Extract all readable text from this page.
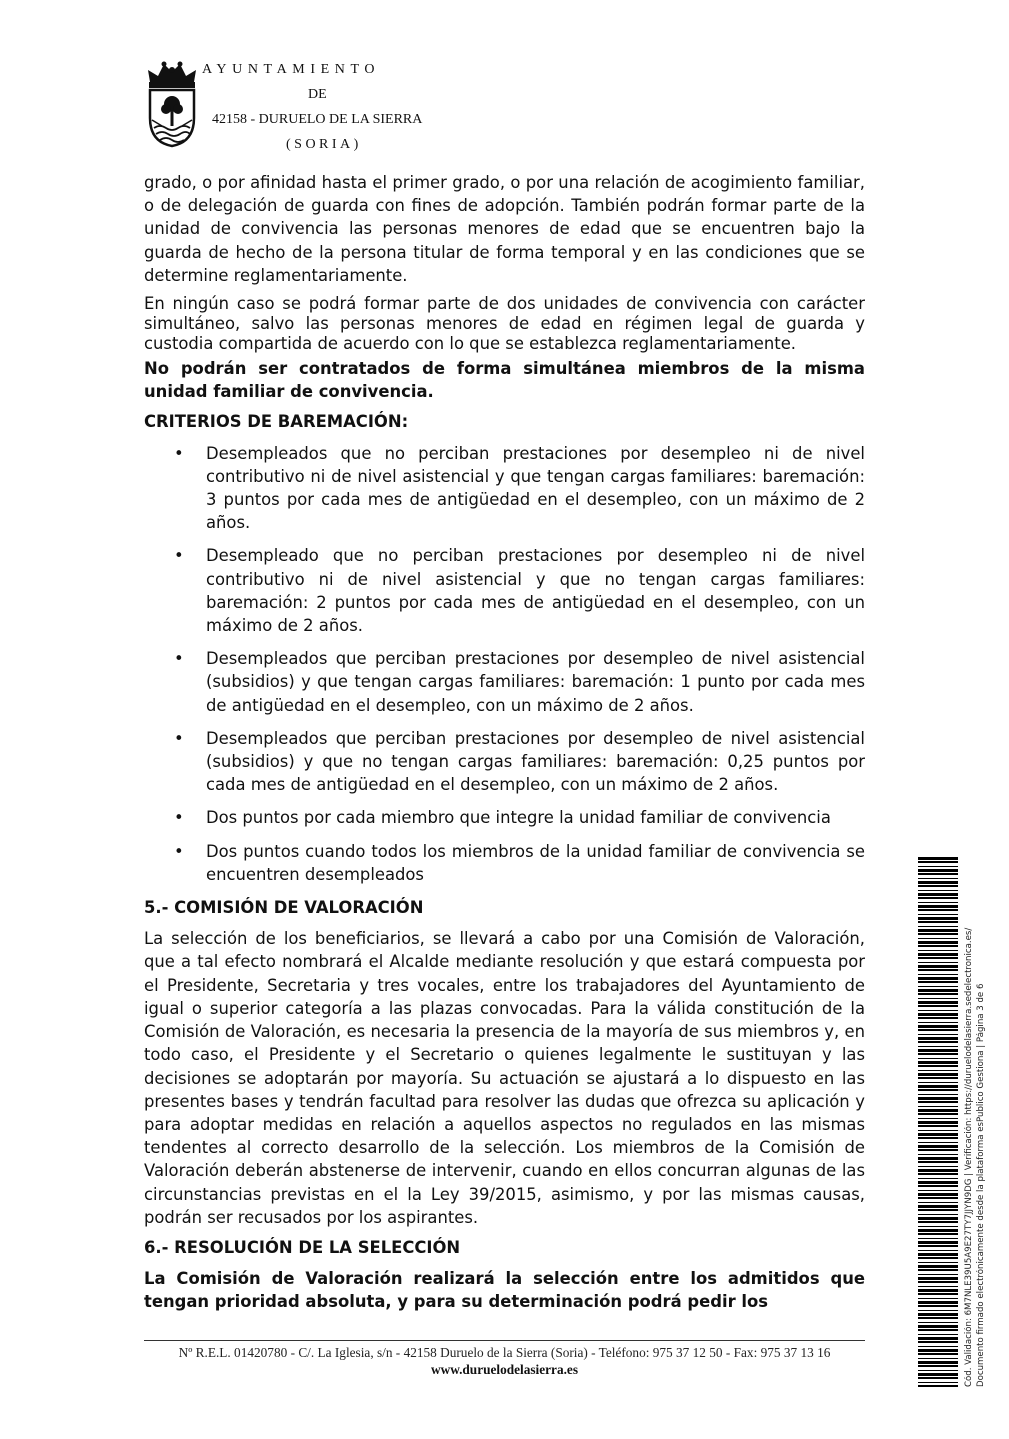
AYUNTAMIENTO
DE
42158 - DURUELO DE LA SIERRA
(SORIA)

grado, o por afinidad hasta el primer grado, o por una relación de acogimiento familiar, o de delegación de guarda con fines de adopción. También podrán formar parte de la unidad de convivencia las personas menores de edad que se encuentren bajo la guarda de hecho de la persona titular de forma temporal y en las condiciones que se determine reglamentariamente.

En ningún caso se podrá formar parte de dos unidades de convivencia con carácter simultáneo, salvo las personas menores de edad en régimen legal de guarda y custodia compartida de acuerdo con lo que se establezca reglamentariamente.

No podrán ser contratados de forma simultánea miembros de la misma unidad familiar de convivencia.

CRITERIOS DE BAREMACIÓN:

• Desempleados que no perciban prestaciones por desempleo ni de nivel contributivo ni de nivel asistencial y que tengan cargas familiares: baremación: 3 puntos por cada mes de antigüedad en el desempleo, con un máximo de 2 años.
• Desempleado que no perciban prestaciones por desempleo ni de nivel contributivo ni de nivel asistencial y que no tengan cargas familiares: baremación: 2 puntos por cada mes de antigüedad en el desempleo, con un máximo de 2 años.
• Desempleados que perciban prestaciones por desempleo de nivel asistencial (subsidios) y que tengan cargas familiares: baremación: 1 punto por cada mes de antigüedad en el desempleo, con un máximo de 2 años.
• Desempleados que perciban prestaciones por desempleo de nivel asistencial (subsidios) y que no tengan cargas familiares: baremación: 0,25 puntos por cada mes de antigüedad en el desempleo, con un máximo de 2 años.
• Dos puntos por cada miembro que integre la unidad familiar de convivencia
• Dos puntos cuando todos los miembros de la unidad familiar de convivencia se encuentren desempleados

5.- COMISIÓN DE VALORACIÓN

La selección de los beneficiarios, se llevará a cabo por una Comisión de Valoración, que a tal efecto nombrará el Alcalde mediante resolución y que estará compuesta por el Presidente, Secretaria y tres vocales, entre los trabajadores del Ayuntamiento de igual o superior categoría a las plazas convocadas. Para la válida constitución de la Comisión de Valoración, es necesaria la presencia de la mayoría de sus miembros y, en todo caso, el Presidente y el Secretario o quienes legalmente le sustituyan y las decisiones se adoptarán por mayoría. Su actuación se ajustará a lo dispuesto en las presentes bases y tendrán facultad para resolver las dudas que ofrezca su aplicación y para adoptar medidas en relación a aquellos aspectos no regulados en las mismas tendentes al correcto desarrollo de la selección. Los miembros de la Comisión de Valoración deberán abstenerse de intervenir, cuando en ellos concurran algunas de las circunstancias previstas en el la Ley 39/2015, asimismo, y por las mismas causas, podrán ser recusados por los aspirantes.

6.- RESOLUCIÓN DE LA SELECCIÓN

La Comisión de Valoración realizará la selección entre los admitidos que tengan prioridad absoluta, y para su determinación podrá pedir los

Nº R.E.L. 01420780 - C/. La Iglesia, s/n - 42158 Duruelo de la Sierra (Soria) - Teléfono: 975 37 12 50 - Fax: 975 37 13 16
www.duruelodelasierra.es	Cód. Validación: 6M7NLE39U5A9E27TY7JJYN9DG | Verificación: https://duruelodelasierra.sedelectronica.es/ Documento firmado electrónicamente desde la plataforma esPublico Gestiona | Página 3 de 6
